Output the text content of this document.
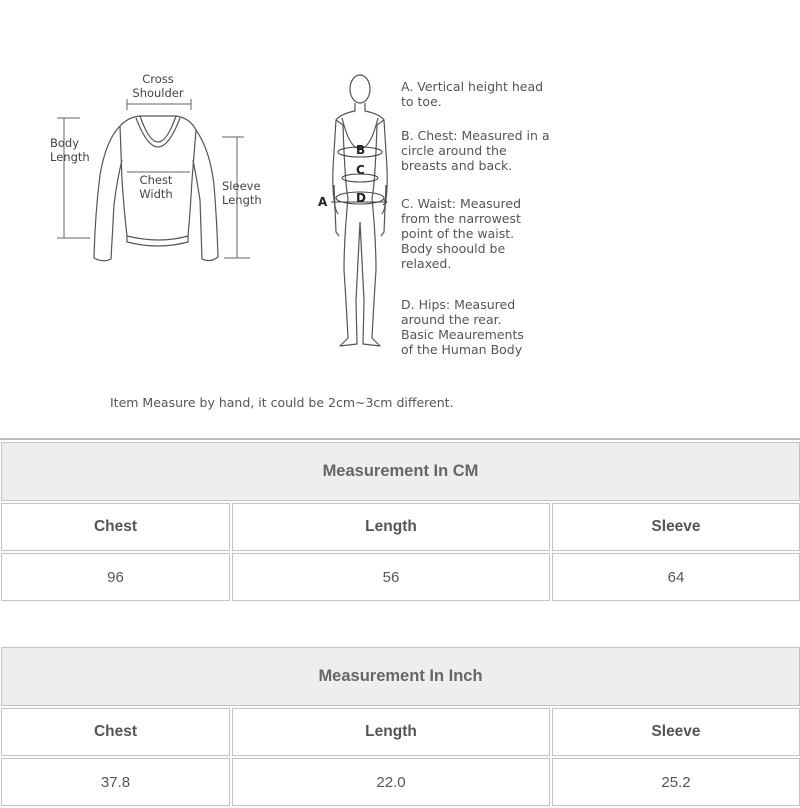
Cross
Shoulder
Body
Length
Chest
Width
Sleeve
Length	A
B
C
D
A. Vertical height head
to toe.
B. Chest: Measured in a
circle around the
breasts and back.
C. Waist: Measured
from the narrowest
point of the waist.
Body shoould be
relaxed.
D. Hips: Measured
around the rear.
Basic Meaurements
of the Human Body
Item Measure by hand, it could be 2cm~3cm different.
Measurement In CM		
Chest	Length	Sleeve
96	56	64
Measurement In Inch		
Chest	Length	Sleeve
37.8	22.0	25.2
